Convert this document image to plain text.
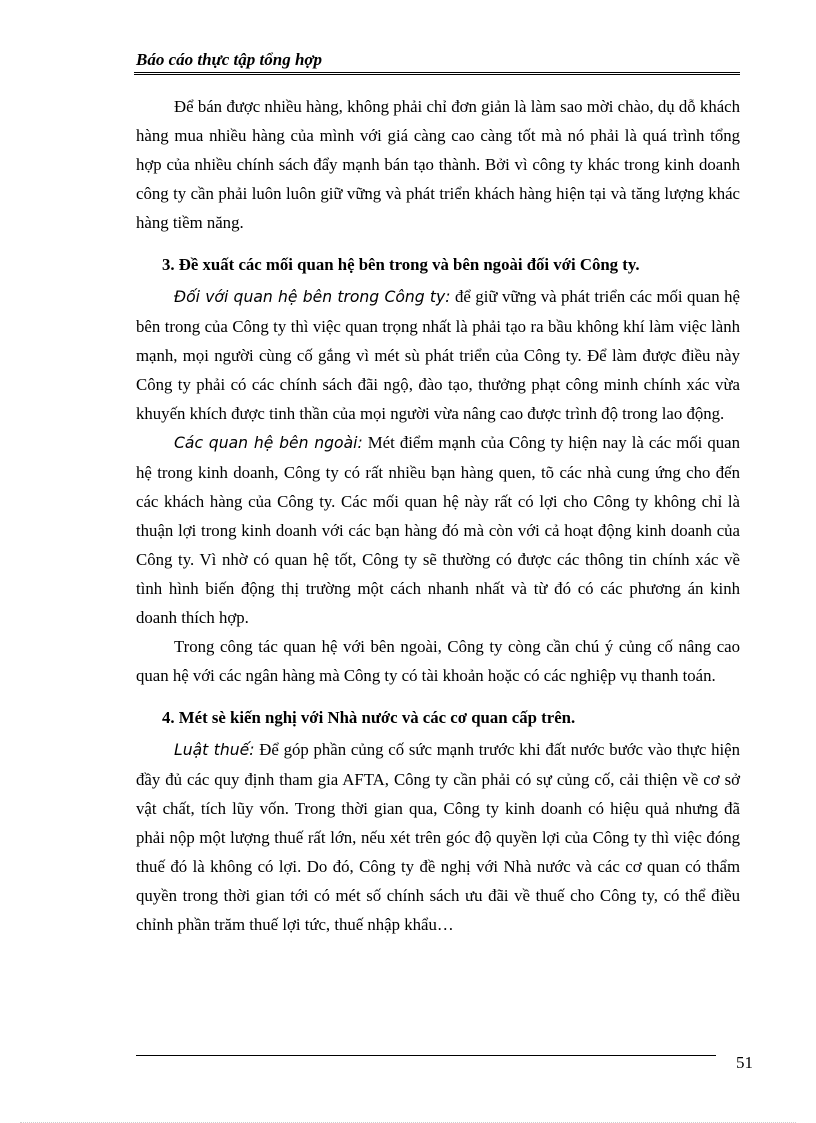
Báo cáo thực tập tổng hợp

Để bán được nhiều hàng, không phải chỉ đơn giản là làm sao mời chào, dụ dỗ khách hàng mua nhiều hàng của mình với giá càng cao càng tốt mà nó phải là quá trình tổng hợp của nhiều chính sách đẩy mạnh bán tạo thành. Bởi vì công ty khác trong kinh doanh công ty cần phải luôn luôn giữ vững và phát triển khách hàng hiện tại và tăng lượng khác hàng tiềm năng.

3. Đề xuất các mối quan hệ bên trong và bên ngoài đối với Công ty.

Đối với quan hệ bên trong Công ty: để giữ vững và phát triển các mối quan hệ bên trong của Công ty thì việc quan trọng nhất là phải tạo ra bầu không khí làm việc lành mạnh, mọi người cùng cố gắng vì mét sù phát triển của Công ty. Để làm được điều này Công ty phải có các chính sách đãi ngộ, đào tạo, thưởng phạt công minh chính xác vừa khuyến khích được tinh thần của mọi người vừa nâng cao được trình độ trong lao động.

Các quan hệ bên ngoài: Mét điểm mạnh của Công ty hiện nay là các mối quan hệ trong kinh doanh, Công ty có rất nhiều bạn hàng quen, tõ các nhà cung ứng cho đến các khách hàng của Công ty. Các mối quan hệ này rất có lợi cho Công ty không chỉ là thuận lợi trong kinh doanh với các bạn hàng đó mà còn với cả hoạt động kinh doanh của Công ty. Vì nhờ có quan hệ tốt, Công ty sẽ thường có được các thông tin chính xác về tình hình biến động thị trường một cách nhanh nhất và từ đó có các phương án kinh doanh thích hợp.

Trong công tác quan hệ với bên ngoài, Công ty còng cần chú ý củng cố nâng cao quan hệ với các ngân hàng mà Công ty có tài khoản hoặc có các nghiệp vụ thanh toán.

4. Mét sè kiến nghị với Nhà nước và các cơ quan cấp trên.

Luật thuế: Để góp phần củng cố sức mạnh trước khi đất nước bước vào thực hiện đầy đủ các quy định tham gia AFTA, Công ty cần phải có sự củng cố, cải thiện về cơ sở vật chất, tích lũy vốn. Trong thời gian qua, Công ty kinh doanh có hiệu quả nhưng đã phải nộp một lượng thuế rất lớn, nếu xét trên góc độ quyền lợi của Công ty thì việc đóng thuế đó là không có lợi. Do đó, Công ty đề nghị với Nhà nước và các cơ quan có thẩm quyền trong thời gian tới có mét số chính sách ưu đãi về thuế cho Công ty, có thể điều chỉnh phần trăm thuế lợi tức, thuế nhập khẩu…

51
